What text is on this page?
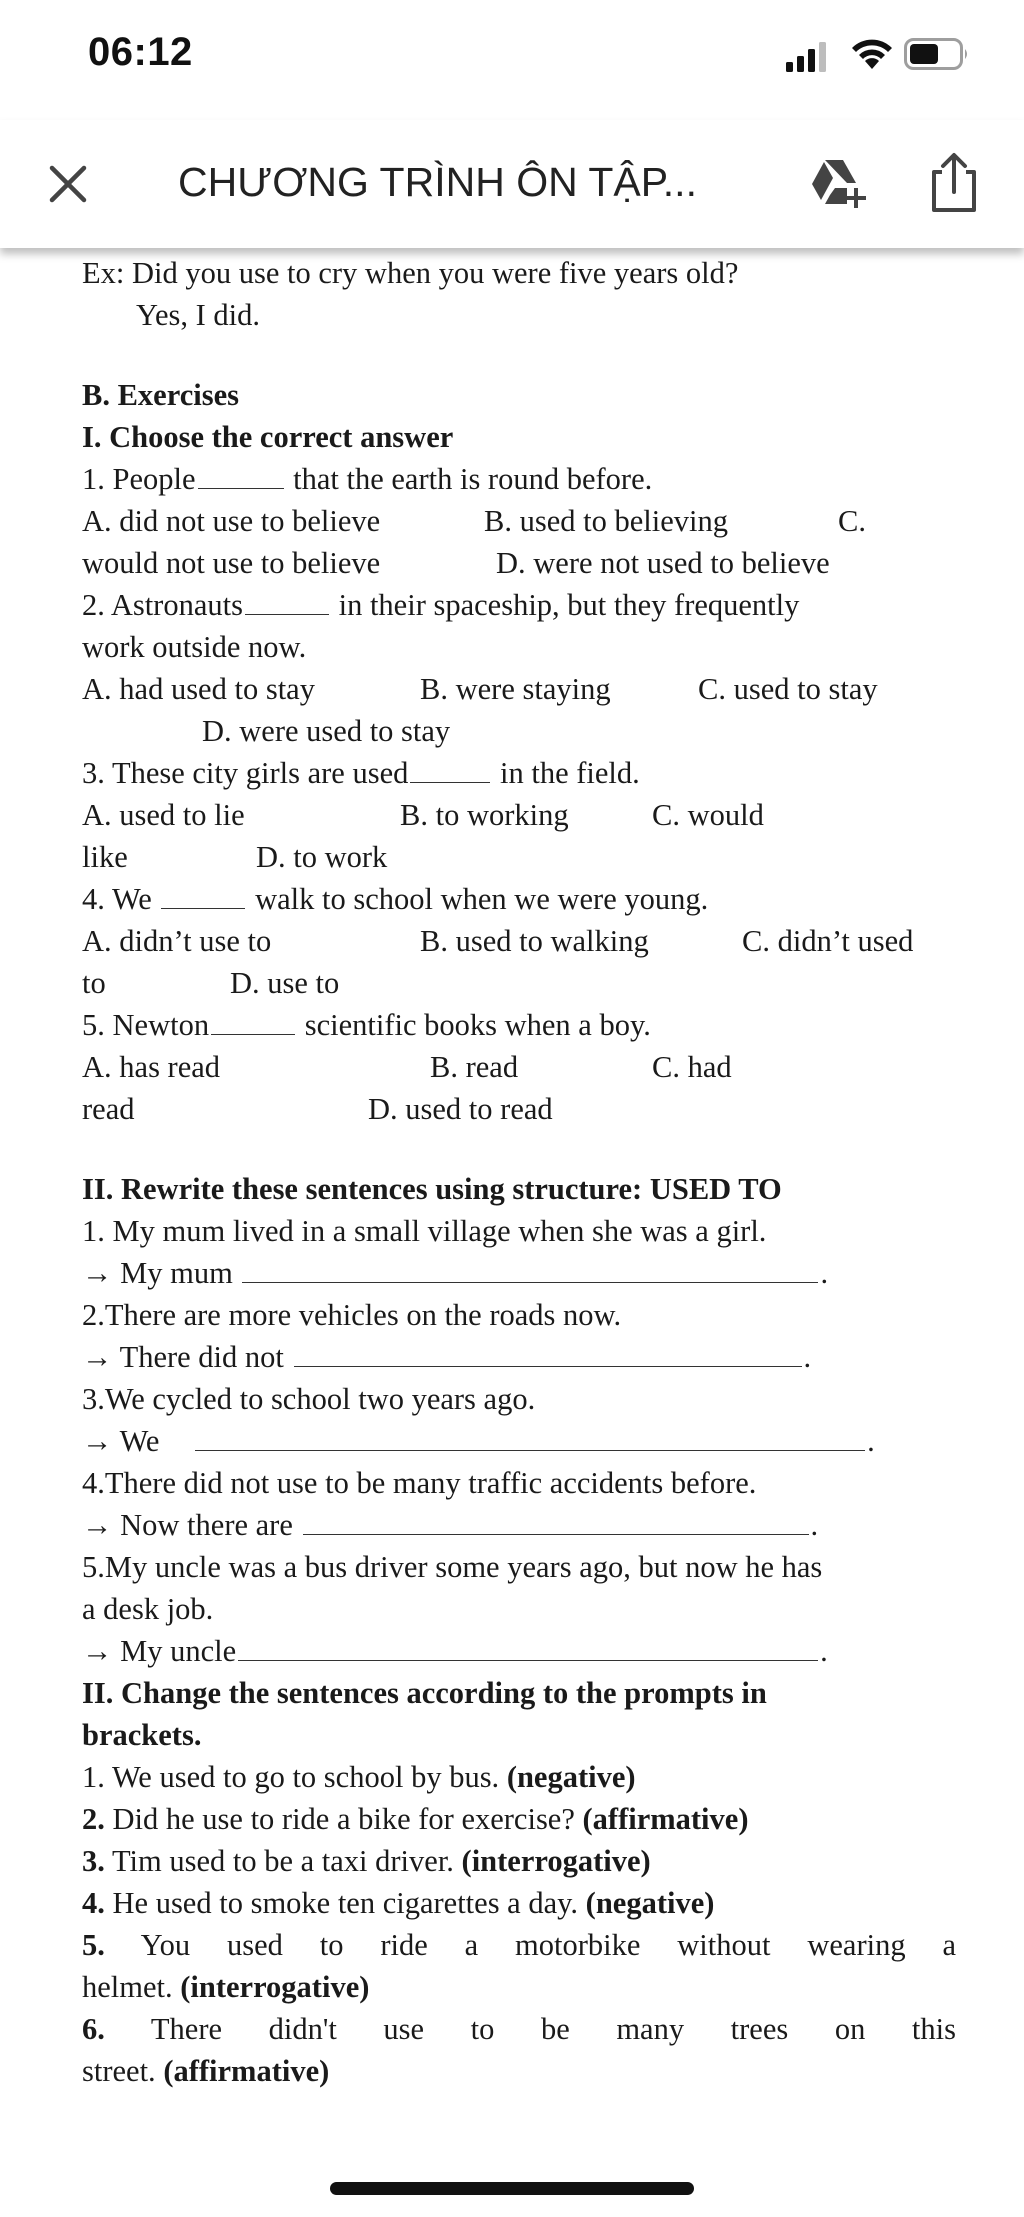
06:12
CHƯƠNG TRÌNH ÔN TẬP...
Ex: Did you use to cry when you were five years old?
Yes, I did.
B. Exercises
I. Choose the correct answer
1. People	that the earth is round before.
A. did not use to believe	B. used to believing	C.
would not use to believe	D. were not used to believe
2. Astronauts	in their spaceship, but they frequently
work outside now.
A. had used to stay	B. were staying	C. used to stay
D. were used to stay
3. These city girls are used	in the field.
A. used to lie	B. to working	C. would
like	D. to work
4. We	walk to school when we were young.
A. didn’t use to	B. used to walking	C. didn’t used
to	D. use to
5. Newton	scientific books when a boy.
A. has read	B. read	C. had
read	D. used to read
II. Rewrite these sentences using structure: USED TO
1. My mum lived in a small village when she was a girl.
→ My mum	.
2.There are more vehicles on the roads now.
→ There did not	.
3.We cycled to school two years ago.
→ We	.
4.There did not use to be many traffic accidents before.
→ Now there are	.
5.My uncle was a bus driver some years ago, but now he has
a desk job.
→ My uncle	.
II. Change the sentences according to the prompts in
brackets.
1. We used to go to school by bus. (negative)
2. Did he use to ride a bike for exercise? (affirmative)
3. Tim used to be a taxi driver. (interrogative)
4. He used to smoke ten cigarettes a day. (negative)
5. You used to ride a motorbike without wearing a
helmet. (interrogative)
6. There didn't use to be many trees on this
street. (affirmative)
